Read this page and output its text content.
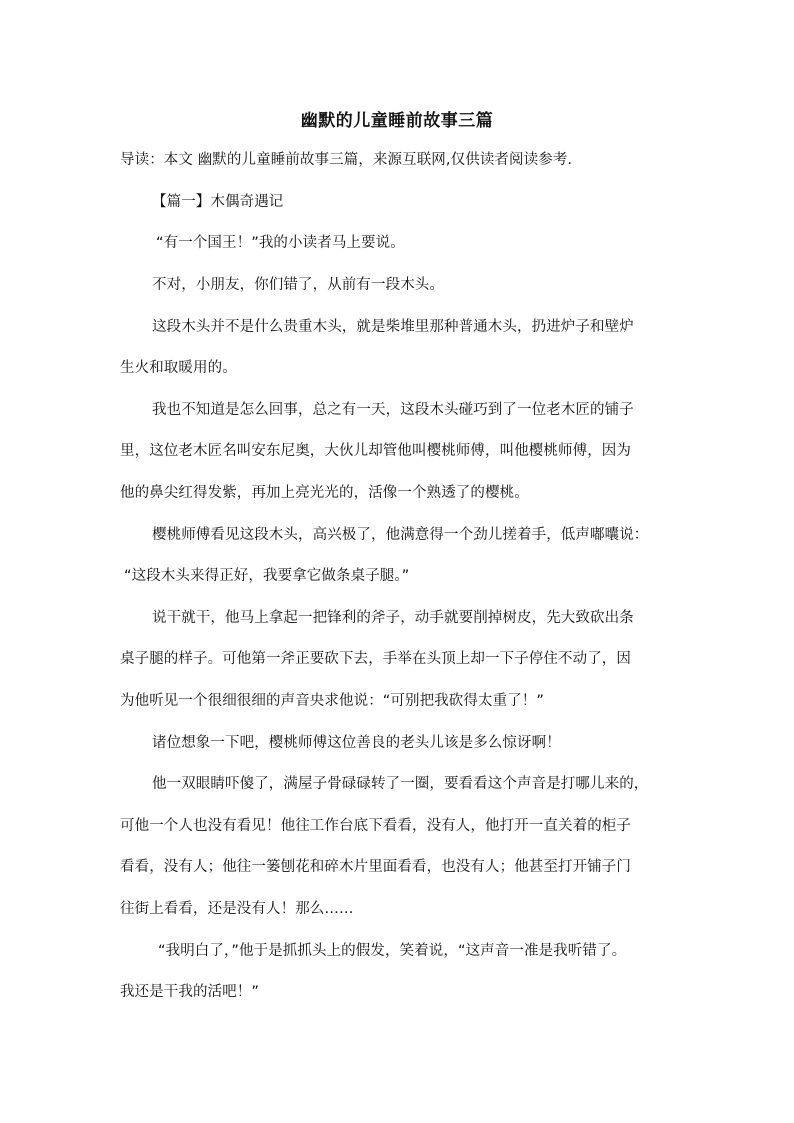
幽默的儿童睡前故事三篇
导读：本文 幽默的儿童睡前故事三篇，来源互联网,仅供读者阅读参考.
【篇一】木偶奇遇记
“有一个国王！”我的小读者马上要说。
不对，小朋友，你们错了，从前有一段木头。
这段木头并不是什么贵重木头，就是柴堆里那种普通木头，扔进炉子和壁炉
生火和取暖用的。
我也不知道是怎么回事，总之有一天，这段木头碰巧到了一位老木匠的铺子
里，这位老木匠名叫安东尼奥，大伙儿却管他叫樱桃师傅，叫他樱桃师傅，因为
他的鼻尖红得发紫，再加上亮光光的，活像一个熟透了的樱桃。
樱桃师傅看见这段木头，高兴极了，他满意得一个劲儿搓着手，低声嘟囔说：
“这段木头来得正好，我要拿它做条桌子腿。”
说干就干，他马上拿起一把锋利的斧子，动手就要削掉树皮，先大致砍出条
桌子腿的样子。可他第一斧正要砍下去，手举在头顶上却一下子停住不动了，因
为他听见一个很细很细的声音央求他说：“可别把我砍得太重了！”
诸位想象一下吧，樱桃师傅这位善良的老头儿该是多么惊讶啊！
他一双眼睛吓傻了，满屋子骨碌碌转了一圈，要看看这个声音是打哪儿来的，
可他一个人也没有看见！他往工作台底下看看，没有人，他打开一直关着的柜子
看看，没有人；他往一篓刨花和碎木片里面看看，也没有人；他甚至打开铺子门
往街上看看，还是没有人！那么……
“我明白了，”他于是抓抓头上的假发，笑着说，“这声音一准是我听错了。
我还是干我的活吧！”
